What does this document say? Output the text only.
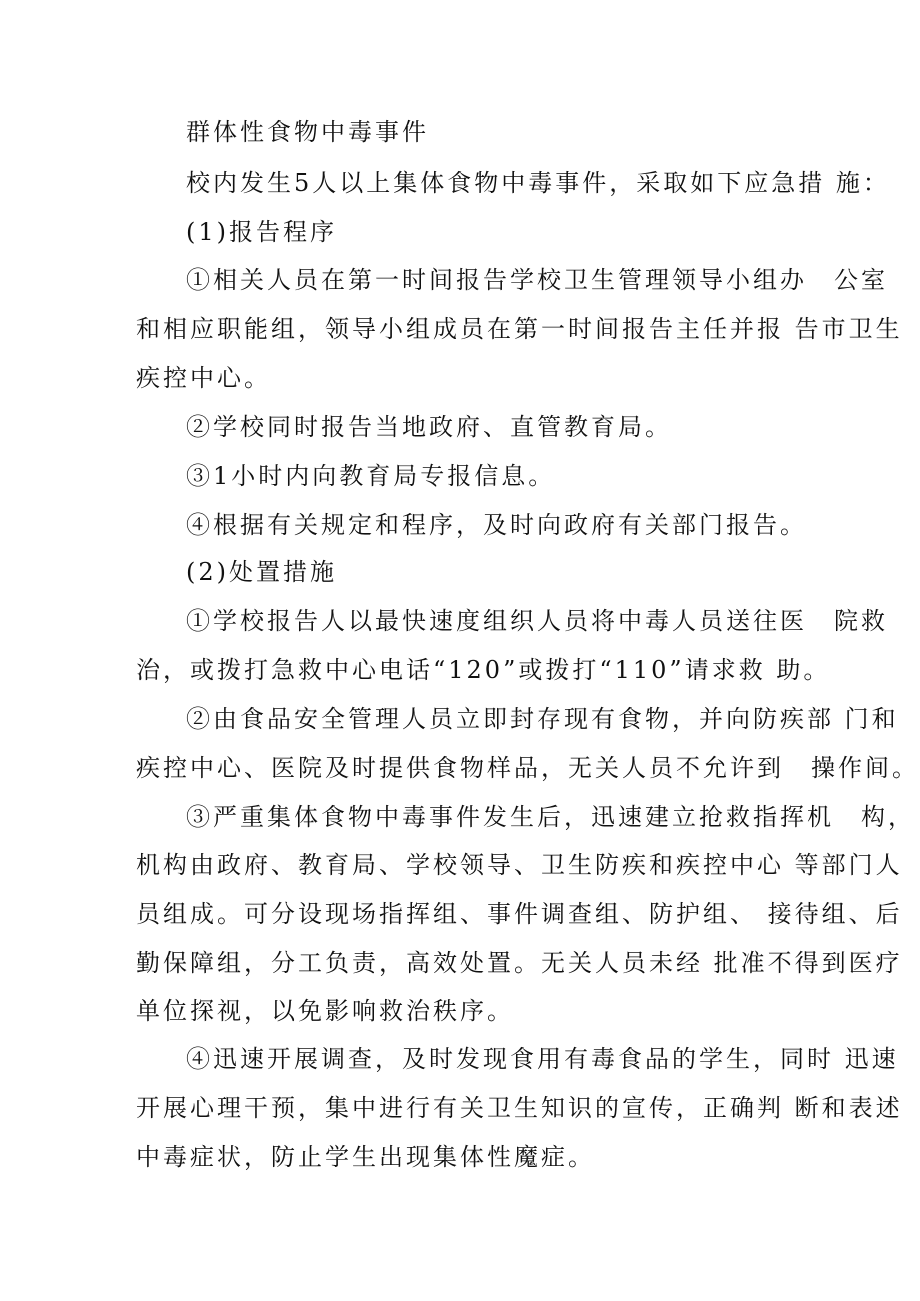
群体性食物中毒事件
校内发生5人以上集体食物中毒事件，采取如下应急措 施：
(1)报告程序
①相关人员在第一时间报告学校卫生管理领导小组办　公室
和相应职能组，领导小组成员在第一时间报告主任并报 告市卫生
疾控中心。
②学校同时报告当地政府、直管教育局。
③1小时内向教育局专报信息。
④根据有关规定和程序，及时向政府有关部门报告。
(2)处置措施
①学校报告人以最快速度组织人员将中毒人员送往医　院救
治，或拨打急救中心电话“120”或拨打“110”请求救 助。
②由食品安全管理人员立即封存现有食物，并向防疾部 门和
疾控中心、医院及时提供食物样品，无关人员不允许到　操作间。
③严重集体食物中毒事件发生后，迅速建立抢救指挥机　构，
机构由政府、教育局、学校领导、卫生防疾和疾控中心 等部门人
员组成。可分设现场指挥组、事件调查组、防护组、 接待组、后
勤保障组，分工负责，高效处置。无关人员未经 批准不得到医疗
单位探视，以免影响救治秩序。
④迅速开展调查，及时发现食用有毒食品的学生，同时 迅速
开展心理干预，集中进行有关卫生知识的宣传，正确判 断和表述
中毒症状，防止学生出现集体性魔症。
